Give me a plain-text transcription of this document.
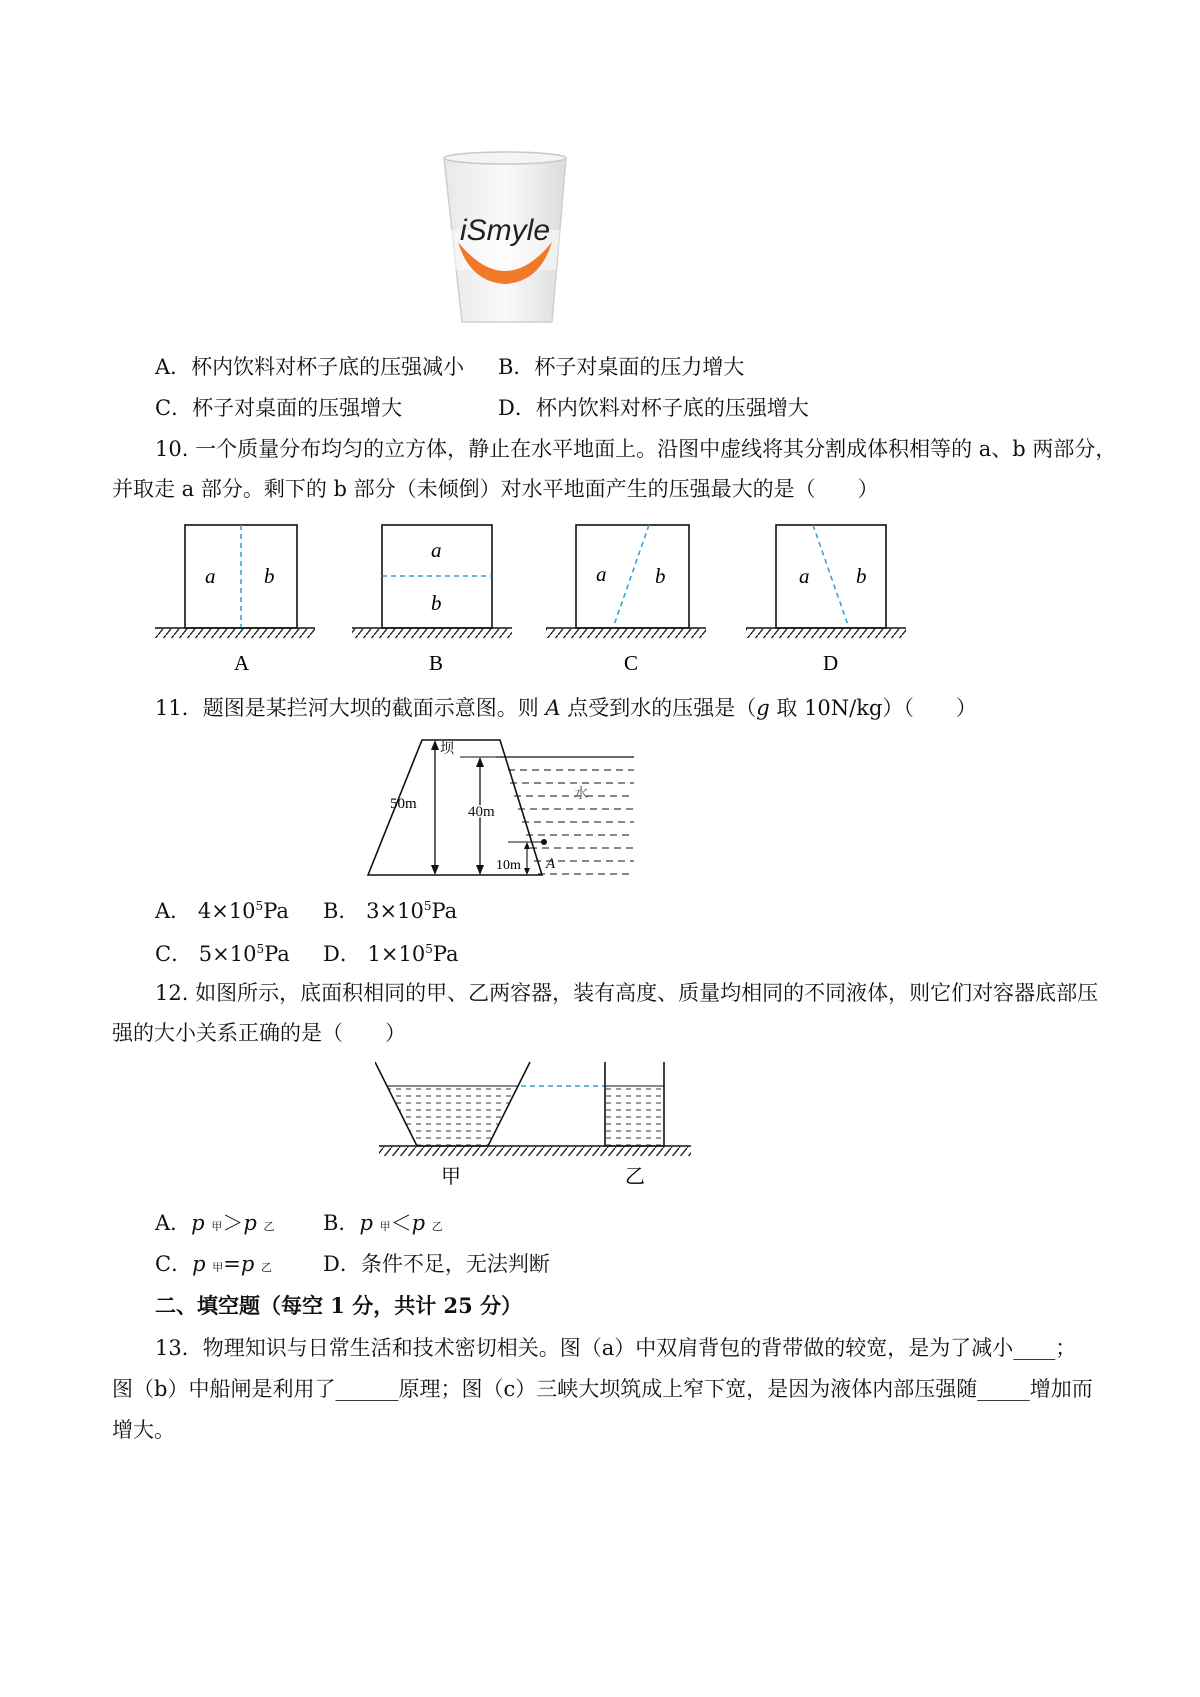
iSmyle
A．杯内饮料对杯子底的压强减小 B．杯子对桌面的压力增大
C．杯子对桌面的压强增大	D．杯内饮料对杯子底的压强增大
10. 一个质量分布均匀的立方体，静止在水平地面上。沿图中虚线将其分割成体积相等的 a、b 两部分，
并取走 a 部分。剩下的 b 部分（未倾倒）对水平地面产生的压强最大的是（　　）
a b
A
a
b
B
a b
C
a b
D
11．题图是某拦河大坝的截面示意图。则 A 点受到水的压强是（g 取 10N/kg）（　　）
坝
水
50m	40m
10m A
A． $4\times 10^5Pa$ B． $3\times 10^5Pa$
C． $5\times 10^5Pa$ D． $1\times 10^5Pa$
12. 如图所示，底面积相同的甲、乙两容器，装有高度、质量均相同的不同液体，则它们对容器底部压
强的大小关系正确的是（　　）
甲	乙
A．p 甲＞p 乙 B．p 甲＜p 乙
C．p 甲=p 乙 D．条件不足，无法判断
二、填空题（每空 1 分，共计 25 分）
13．物理知识与日常生活和技术密切相关。图（a）中双肩背包的背带做的较宽，是为了减小____；
图（b）中船闸是利用了______原理；图（c）三峡大坝筑成上窄下宽，是因为液体内部压强随_____增加而
增大。
